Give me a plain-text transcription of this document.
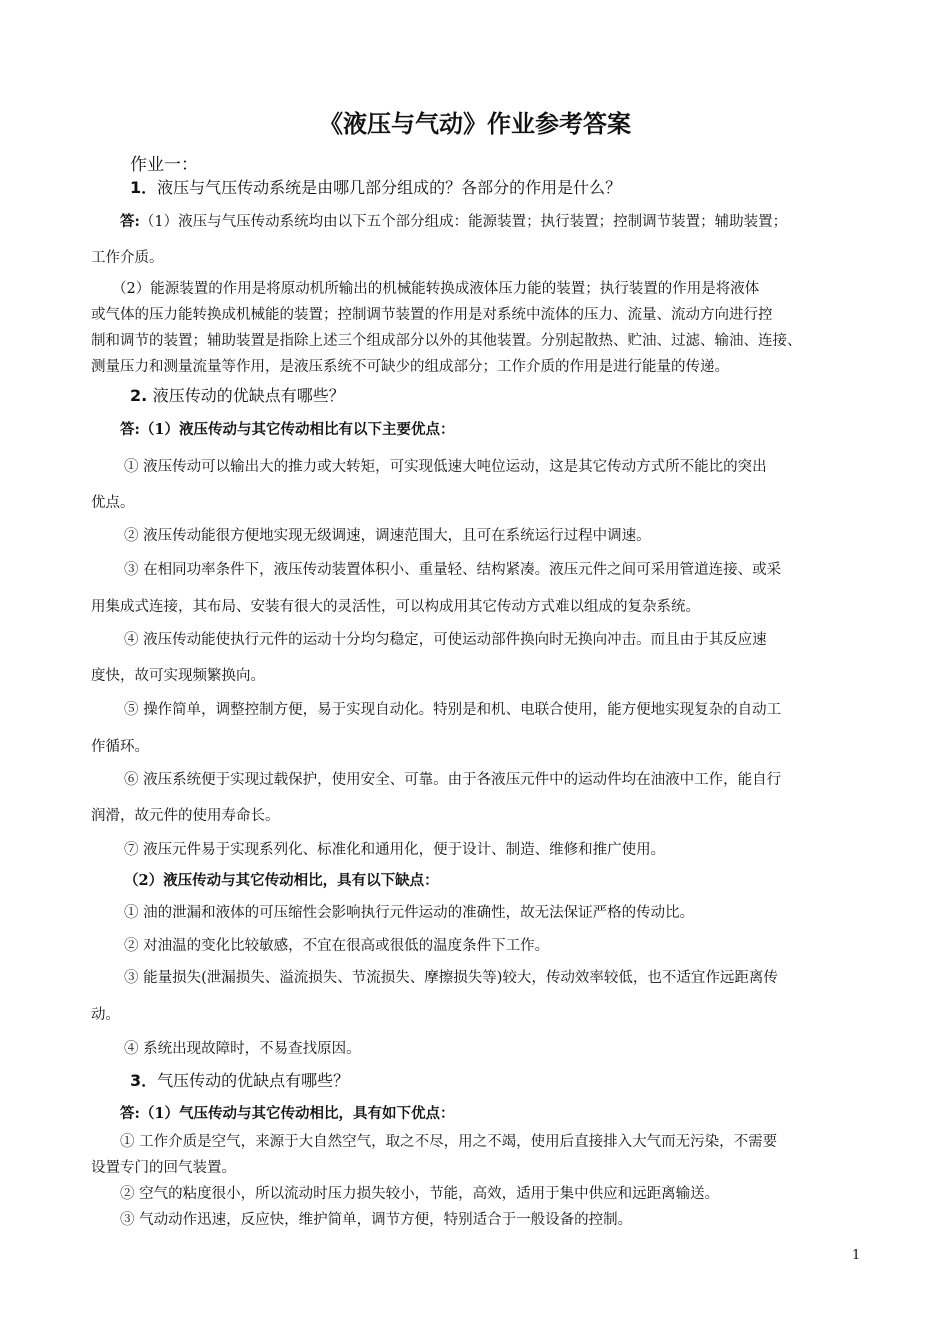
《液压与气动》作业参考答案
作业一：
1．液压与气压传动系统是由哪几部分组成的？各部分的作用是什么？
答:（1）液压与气压传动系统均由以下五个部分组成：能源装置；执行装置；控制调节装置；辅助装置；
工作介质。
（2）能源装置的作用是将原动机所输出的机械能转换成液体压力能的装置；执行装置的作用是将液体
或气体的压力能转换成机械能的装置；控制调节装置的作用是对系统中流体的压力、流量、流动方向进行控
制和调节的装置；辅助装置是指除上述三个组成部分以外的其他装置。分别起散热、贮油、过滤、输油、连接、
测量压力和测量流量等作用，是液压系统不可缺少的组成部分；工作介质的作用是进行能量的传递。
2. 液压传动的优缺点有哪些？
答:（1）液压传动与其它传动相比有以下主要优点：
① 液压传动可以输出大的推力或大转矩，可实现低速大吨位运动，这是其它传动方式所不能比的突出
优点。
② 液压传动能很方便地实现无级调速，调速范围大，且可在系统运行过程中调速。
③ 在相同功率条件下，液压传动装置体积小、重量轻、结构紧凑。液压元件之间可采用管道连接、或采
用集成式连接，其布局、安装有很大的灵活性，可以构成用其它传动方式难以组成的复杂系统。
④ 液压传动能使执行元件的运动十分均匀稳定，可使运动部件换向时无换向冲击。而且由于其反应速
度快，故可实现频繁换向。
⑤ 操作简单，调整控制方便，易于实现自动化。特别是和机、电联合使用，能方便地实现复杂的自动工
作循环。
⑥ 液压系统便于实现过载保护，使用安全、可靠。由于各液压元件中的运动件均在油液中工作，能自行
润滑，故元件的使用寿命长。
⑦ 液压元件易于实现系列化、标准化和通用化，便于设计、制造、维修和推广使用。
（2）液压传动与其它传动相比，具有以下缺点：
① 油的泄漏和液体的可压缩性会影响执行元件运动的准确性，故无法保证严格的传动比。
② 对油温的变化比较敏感，不宜在很高或很低的温度条件下工作。
③ 能量损失(泄漏损失、溢流损失、节流损失、摩擦损失等)较大，传动效率较低，也不适宜作远距离传
动。
④ 系统出现故障时，不易查找原因。
3．气压传动的优缺点有哪些？
答:（1）气压传动与其它传动相比，具有如下优点：
① 工作介质是空气，来源于大自然空气，取之不尽，用之不竭，使用后直接排入大气而无污染，不需要
设置专门的回气装置。
② 空气的粘度很小，所以流动时压力损失较小，节能，高效，适用于集中供应和远距离输送。
③ 气动动作迅速，反应快，维护简单，调节方便，特别适合于一般设备的控制。
1
